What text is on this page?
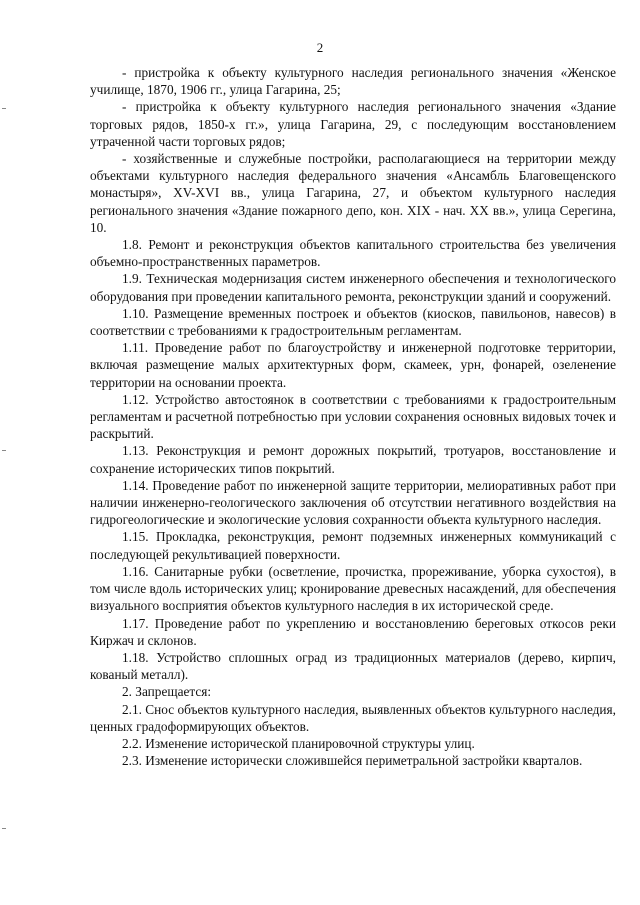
2

- пристройка к объекту культурного наследия регионального значения «Женское училище, 1870, 1906 гг., улица Гагарина, 25;

- пристройка к объекту культурного наследия регионального значения «Здание торговых рядов, 1850-х гг.», улица Гагарина, 29, с последующим восстановлением утраченной части торговых рядов;

- хозяйственные и служебные постройки, располагающиеся на территории между объектами культурного наследия федерального значения «Ансамбль Благовещенского монастыря», XV-XVI вв., улица Гагарина, 27, и объектом культурного наследия регионального значения «Здание пожарного депо, кон. XIX - нач. XX вв.», улица Серегина, 10.

1.8. Ремонт и реконструкция объектов капитального строительства без увеличения объемно-пространственных параметров.

1.9. Техническая модернизация систем инженерного обеспечения и технологического оборудования при проведении капитального ремонта, реконструкции зданий и сооружений.

1.10. Размещение временных построек и объектов (киосков, павильонов, навесов) в соответствии с требованиями к градостроительным регламентам.

1.11. Проведение работ по благоустройству и инженерной подготовке территории, включая размещение малых архитектурных форм, скамеек, урн, фонарей, озеленение территории на основании проекта.

1.12. Устройство автостоянок в соответствии с требованиями к градостроительным регламентам и расчетной потребностью при условии сохранения основных видовых точек и раскрытий.

1.13. Реконструкция и ремонт дорожных покрытий, тротуаров, восстановление и сохранение исторических типов покрытий.

1.14. Проведение работ по инженерной защите территории, мелиоративных работ при наличии инженерно-геологического заключения об отсутствии негативного воздействия на гидрогеологические и экологические условия сохранности объекта культурного наследия.

1.15. Прокладка, реконструкция, ремонт подземных инженерных коммуникаций с последующей рекультивацией поверхности.

1.16. Санитарные рубки (осветление, прочистка, прореживание, уборка сухостоя), в том числе вдоль исторических улиц; кронирование древесных насаждений, для обеспечения визуального восприятия объектов культурного наследия в их исторической среде.

1.17. Проведение работ по укреплению и восстановлению береговых откосов реки Киржач и склонов.

1.18. Устройство сплошных оград из традиционных материалов (дерево, кирпич, кованый металл).

2. Запрещается:

2.1. Снос объектов культурного наследия, выявленных объектов культурного наследия, ценных градоформирующих объектов.

2.2. Изменение исторической планировочной структуры улиц.

2.3. Изменение исторически сложившейся периметральной застройки кварталов.
